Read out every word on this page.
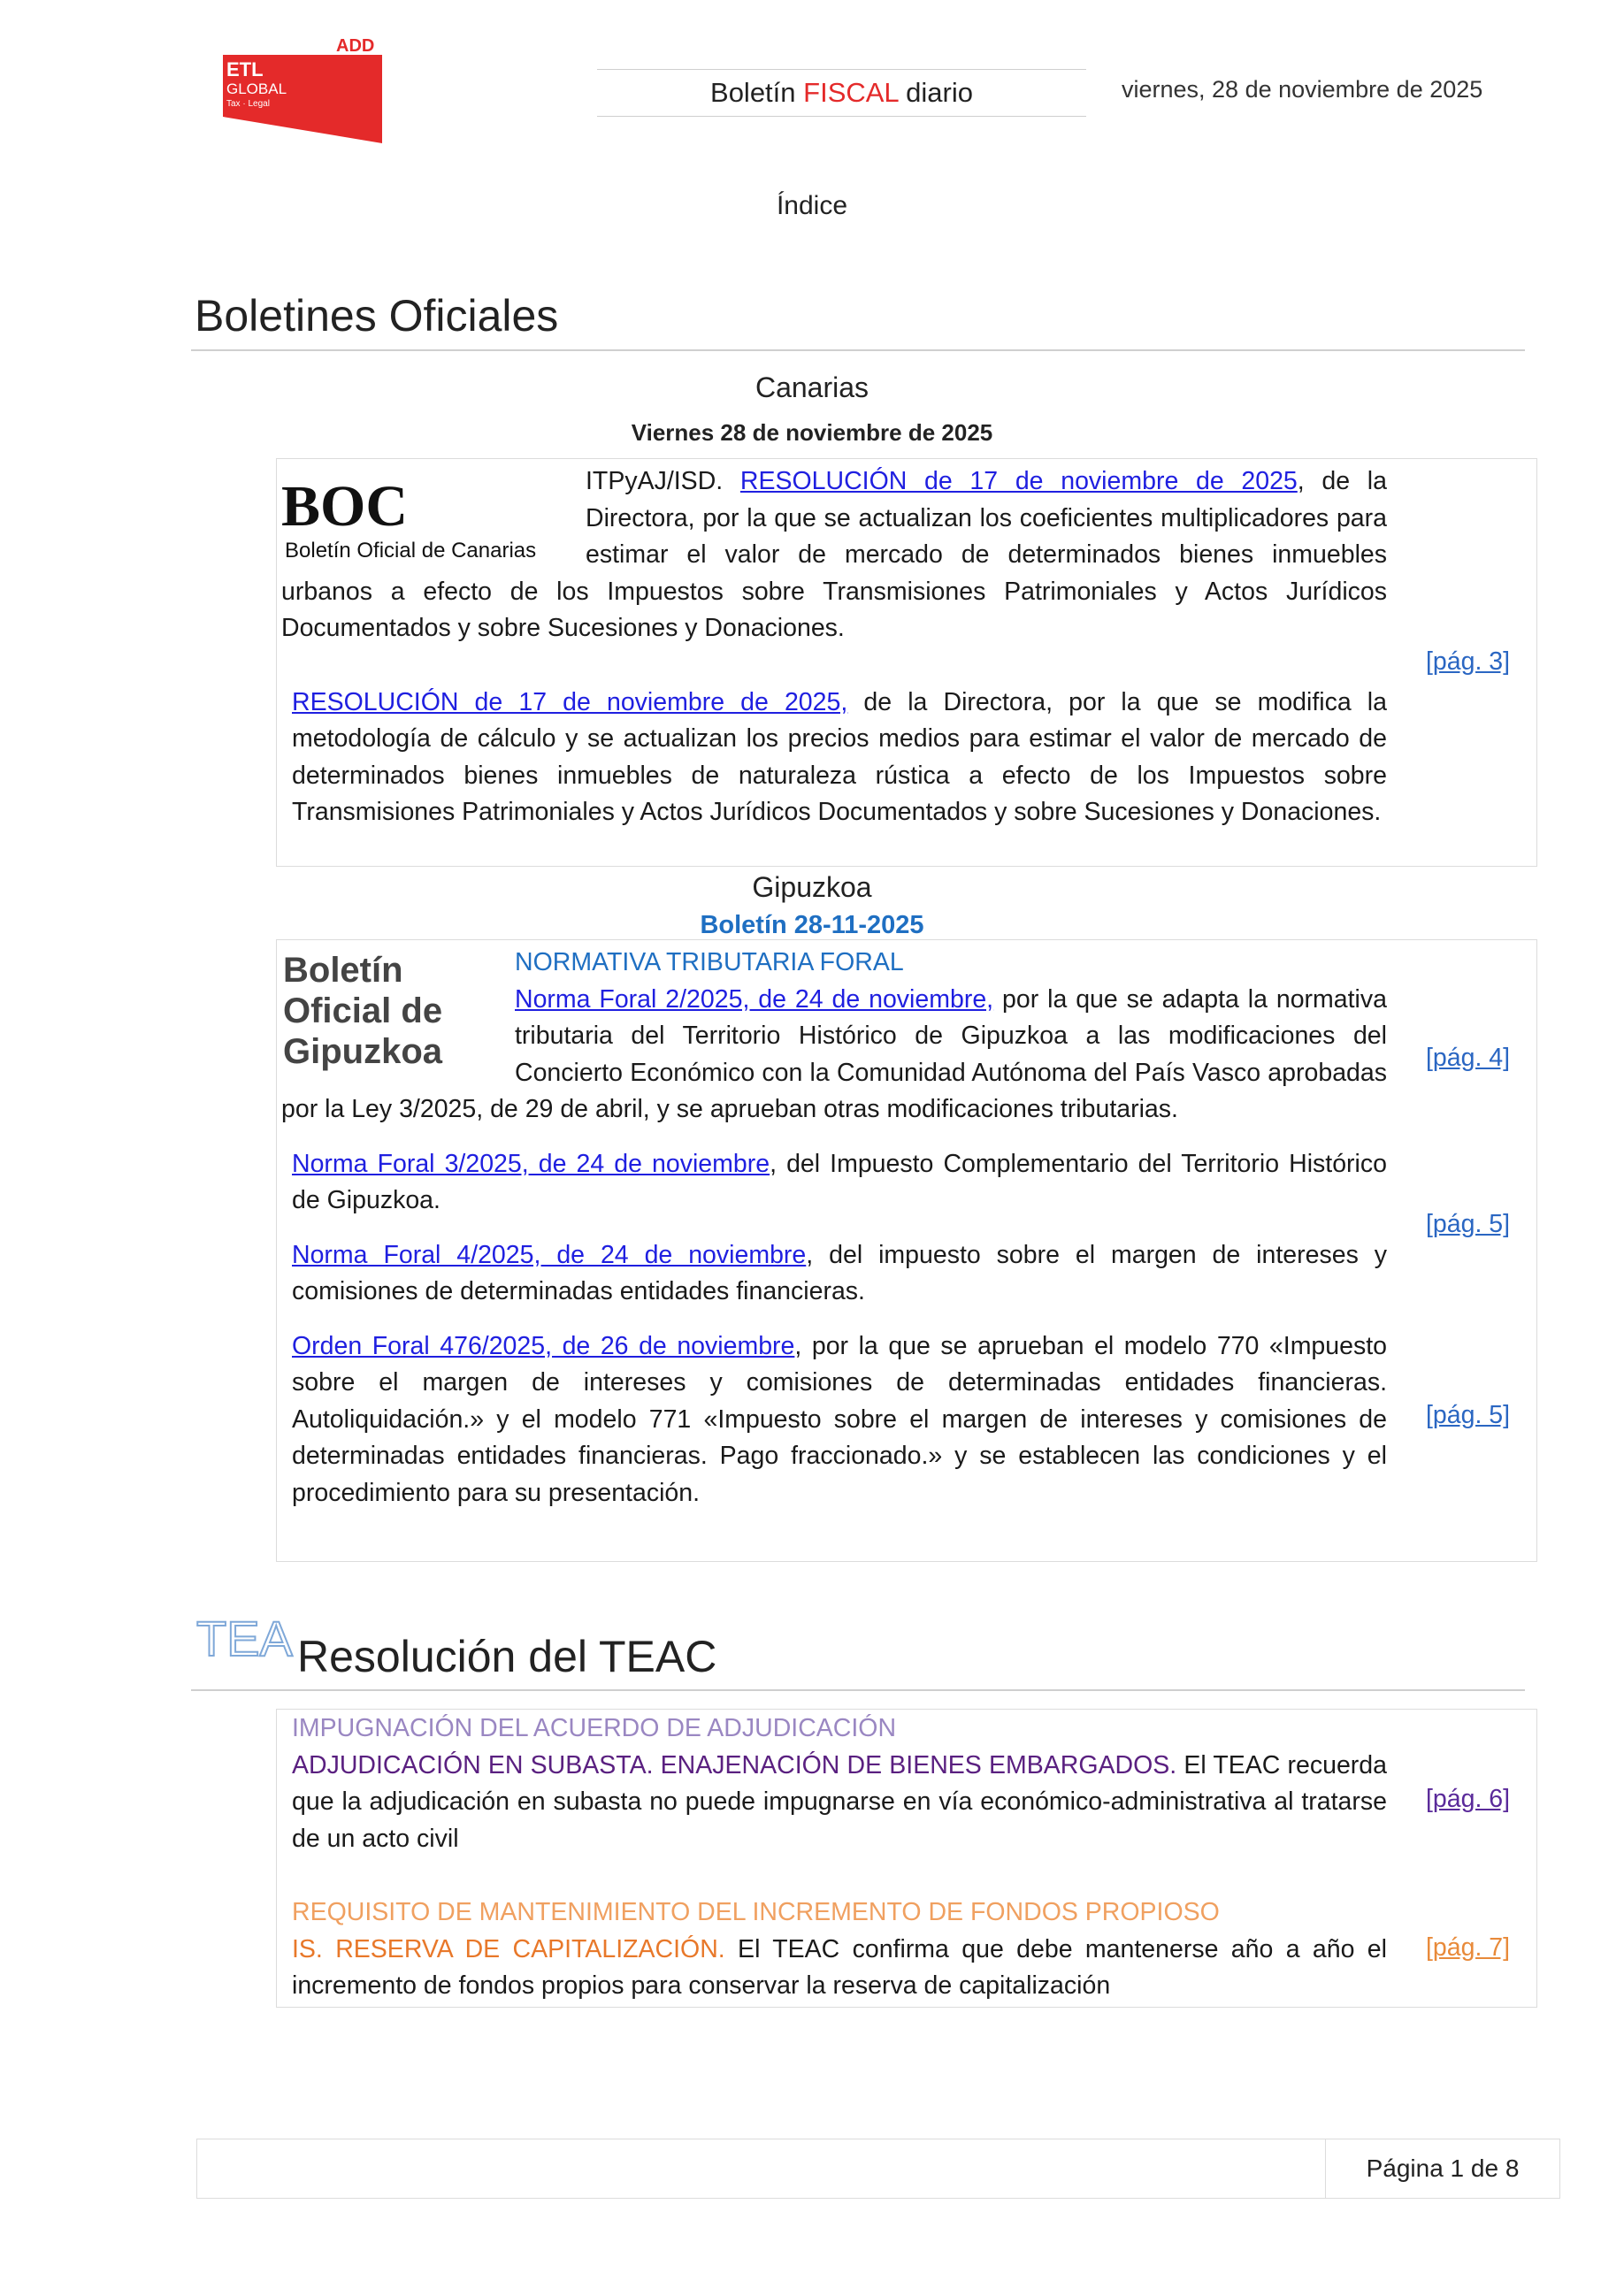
ADD
ETL
GLOBAL
Tax · Legal	Boletín FISCAL diario	viernes, 28 de noviembre de 2025
Índice
Boletines Oficiales
Canarias
Viernes 28 de noviembre de 2025
BOC
Boletín Oficial de Canarias
ITPyAJ/ISD. RESOLUCIÓN de 17 de noviembre de 2025, de la Directora, por la que se actualizan los coeficientes multiplicadores para estimar el valor de mercado de determinados bienes inmuebles urbanos a efecto de los Impuestos sobre Transmisiones Patrimoniales y Actos Jurídicos Documentados y sobre Sucesiones y Donaciones.
RESOLUCIÓN de 17 de noviembre de 2025, de la Directora, por la que se modifica la metodología de cálculo y se actualizan los precios medios para estimar el valor de mercado de determinados bienes inmuebles de naturaleza rústica a efecto de los Impuestos sobre Transmisiones Patrimoniales y Actos Jurídicos Documentados y sobre Sucesiones y Donaciones.
[pág. 3]
Gipuzkoa
Boletín 28-11-2025
Boletín
Oficial de
Gipuzkoa
NORMATIVA TRIBUTARIA FORAL
Norma Foral 2/2025, de 24 de noviembre, por la que se adapta la normativa tributaria del Territorio Histórico de Gipuzkoa a las modificaciones del Concierto Económico con la Comunidad Autónoma del País Vasco aprobadas por la Ley 3/2025, de 29 de abril, y se aprueban otras modificaciones tributarias.
Norma Foral 3/2025, de 24 de noviembre, del Impuesto Complementario del Territorio Histórico de Gipuzkoa.
Norma Foral 4/2025, de 24 de noviembre, del impuesto sobre el margen de intereses y comisiones de determinadas entidades financieras.
Orden Foral 476/2025, de 26 de noviembre, por la que se aprueban el modelo 770 «Impuesto sobre el margen de intereses y comisiones de determinadas entidades financieras. Autoliquidación.» y el modelo 771 «Impuesto sobre el margen de intereses y comisiones de determinadas entidades financieras. Pago fraccionado.» y se establecen las condiciones y el procedimiento para su presentación.
[pág. 4]
[pág. 5]
[pág. 5]
TEA Resolución del TEAC
IMPUGNACIÓN DEL ACUERDO DE ADJUDICACIÓN
ADJUDICACIÓN EN SUBASTA. ENAJENACIÓN DE BIENES EMBARGADOS. El TEAC recuerda que la adjudicación en subasta no puede impugnarse en vía económico-administrativa al tratarse de un acto civil
REQUISITO DE MANTENIMIENTO DEL INCREMENTO DE FONDOS PROPIOSO
IS. RESERVA DE CAPITALIZACIÓN. El TEAC confirma que debe mantenerse año a año el incremento de fondos propios para conservar la reserva de capitalización
[pág. 6]
[pág. 7]
Página 1 de 8
